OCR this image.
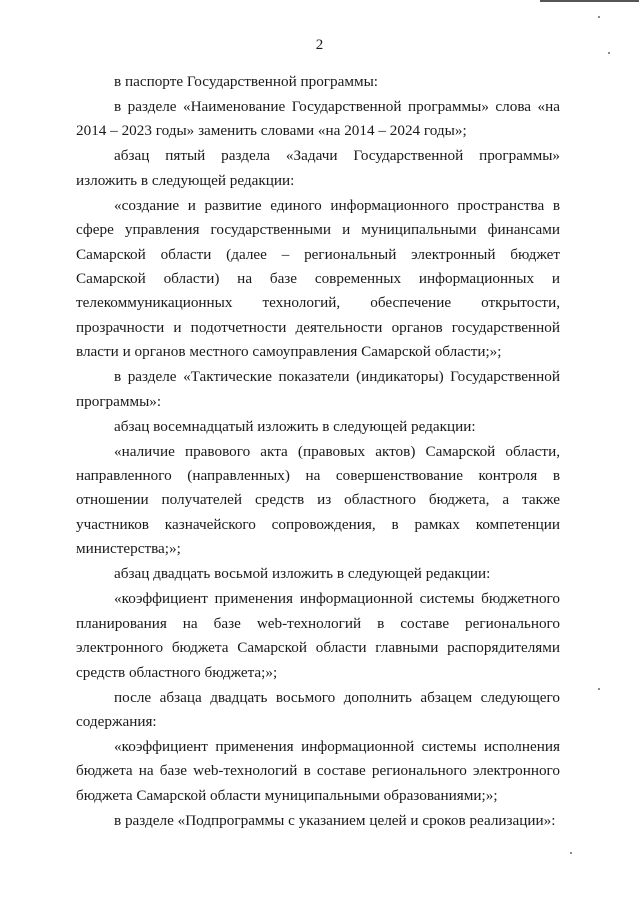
2

в паспорте Государственной программы:

в разделе «Наименование Государственной программы» слова «на 2014 – 2023 годы» заменить словами «на 2014 – 2024 годы»;

абзац пятый раздела «Задачи Государственной программы» изложить в следующей редакции:

«создание и развитие единого информационного пространства в сфере управления государственными и муниципальными финансами Самарской области (далее – региональный электронный бюджет Самарской области) на базе современных информационных и телекоммуникационных технологий, обеспечение открытости, прозрачности и подотчетности деятельности органов государственной власти и органов местного самоуправления Самарской области;»;

в разделе «Тактические показатели (индикаторы) Государственной программы»:

абзац восемнадцатый изложить в следующей редакции:

«наличие правового акта (правовых актов) Самарской области, направленного (направленных) на совершенствование контроля в отношении получателей средств из областного бюджета, а также участников казначейского сопровождения, в рамках компетенции министерства;»;

абзац двадцать восьмой изложить в следующей редакции:

«коэффициент применения информационной системы бюджетного планирования на базе web-технологий в составе регионального электронного бюджета Самарской области главными распорядителями средств областного бюджета;»;

после абзаца двадцать восьмого дополнить абзацем следующего содержания:

«коэффициент применения информационной системы исполнения бюджета на базе web-технологий в составе регионального электронного бюджета Самарской области муниципальными образованиями;»;

в разделе «Подпрограммы с указанием целей и сроков реализации»:
